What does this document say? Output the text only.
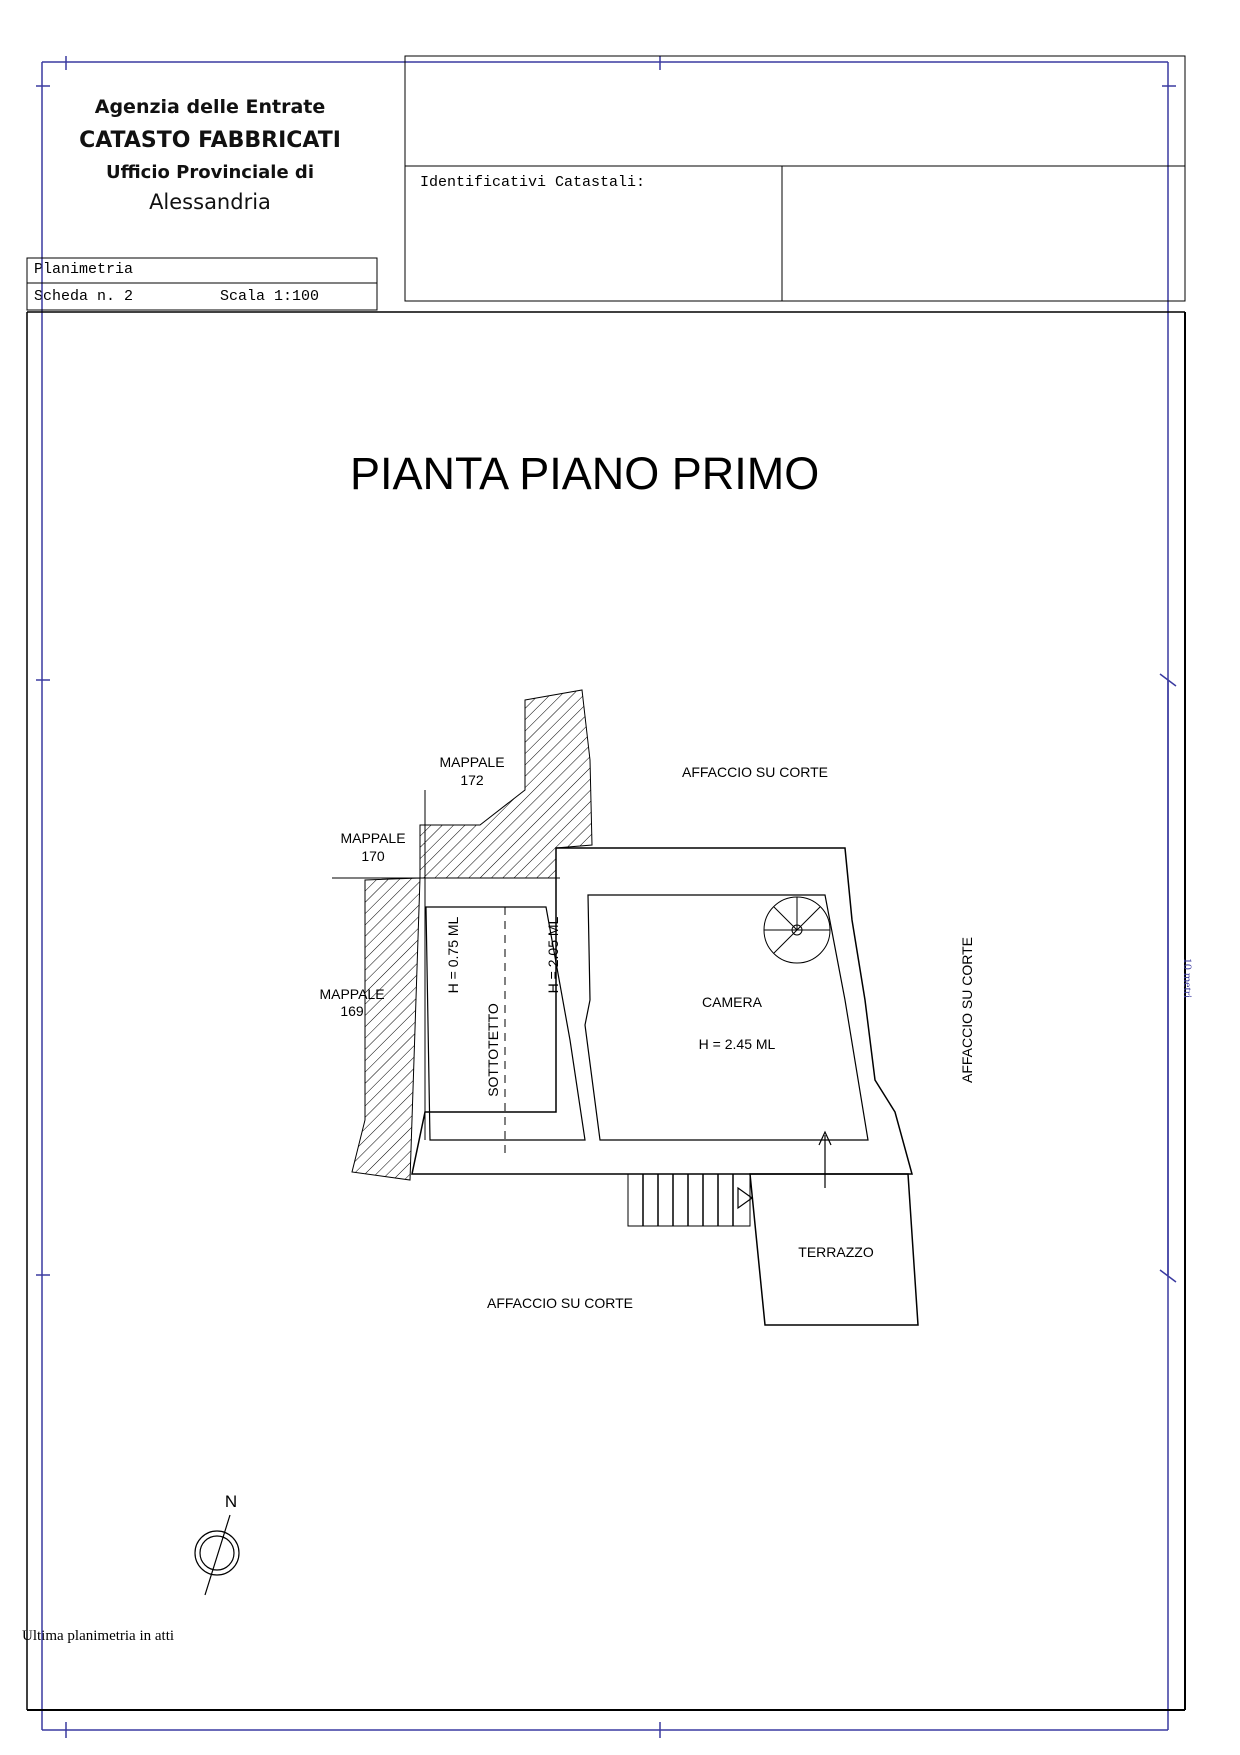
Agenzia delle Entrate
CATASTO FABBRICATI
Ufficio Provinciale di
Alessandria
Identificativi Catastali:
Planimetria
Scheda n. 2	Scala 1:100
PIANTA PIANO PRIMO
Ultima planimetria in atti
MAPPALE
172
MAPPALE
170
MAPPALE
169
AFFACCIO SU CORTE
AFFACCIO SU CORTE
AFFACCIO SU CORTE
H = 0.75 ML	H = 2.05 ML
SOTTOTETTO
CAMERA
H = 2.45 ML
TERRAZZO
N
10 metri
